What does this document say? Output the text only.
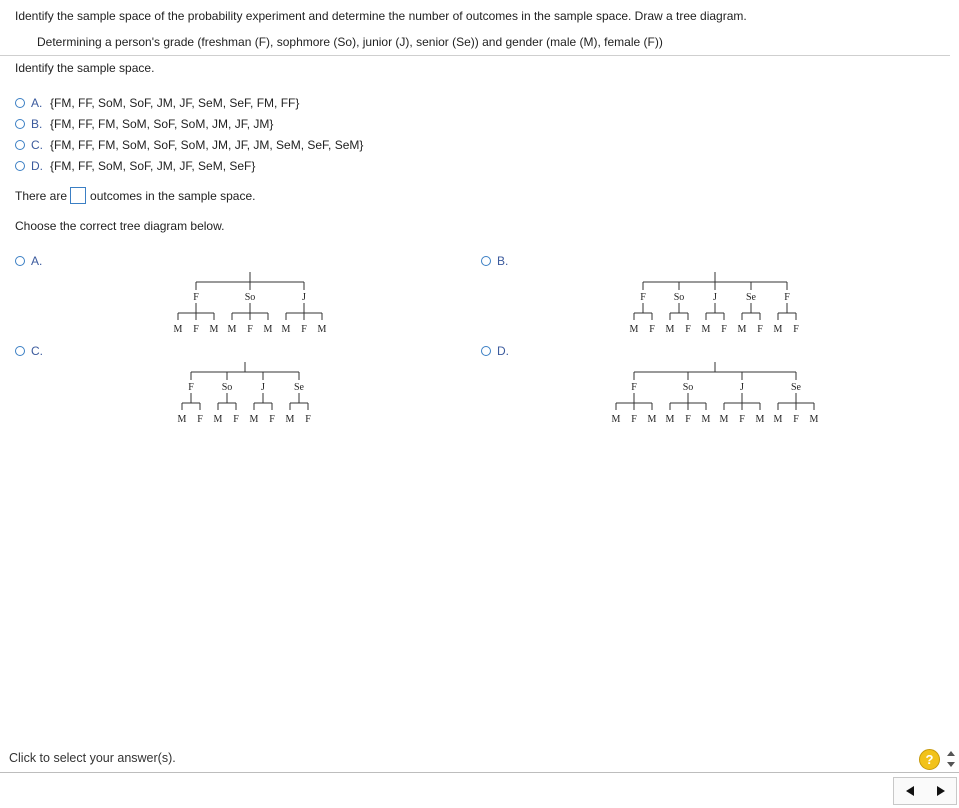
Identify the sample space of the probability experiment and determine the number of outcomes in the sample space. Draw a tree diagram.
Determining a person's grade (freshman (F), sophmore (So), junior (J), senior (Se)) and gender (male (M), female (F))
Identify the sample space.
A. {FM, FF, SoM, SoF, JM, JF, SeM, SeF, FM, FF}
B. {FM, FF, FM, SoM, SoF, SoM, JM, JF, JM}
C. {FM, FF, FM, SoM, SoF, SoM, JM, JF, JM, SeM, SeF, SeM}
D. {FM, FF, SoM, SoF, JM, JF, SeM, SeF}
There are outcomes in the sample space.
Choose the correct tree diagram below.
A.	B.
C.	D.
F	So	J
M F M M F M M F M
F	So	J	Se	F
M F M F M F M F M F
F	So	J	Se
M F M F M F M F
F	So	J	Se
M F M M F M M F M M F M
Click to select your answer(s).	?
